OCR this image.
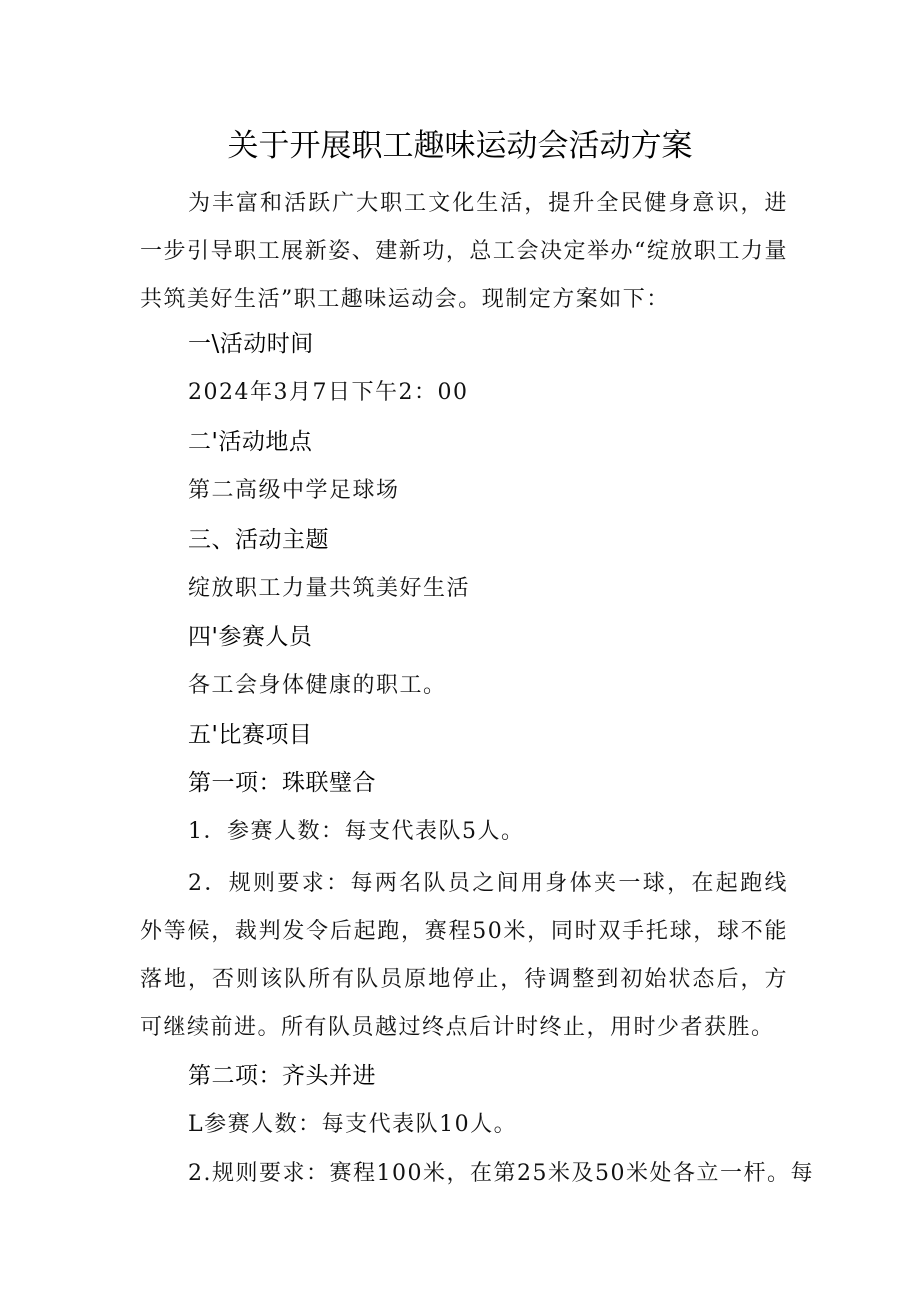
关于开展职工趣味运动会活动方案

为丰富和活跃广大职工文化生活，提升全民健身意识，进一步引导职工展新姿、建新功，总工会决定举办“绽放职工力量共筑美好生活”职工趣味运动会。现制定方案如下：

一\活动时间
2024年3月7日下午2：00
二'活动地点
第二高级中学足球场
三、活动主题
绽放职工力量共筑美好生活
四'参赛人员
各工会身体健康的职工。
五'比赛项目
第一项：珠联璧合
1．参赛人数：每支代表队5人。

2．规则要求：每两名队员之间用身体夹一球，在起跑线外等候，裁判发令后起跑，赛程50米，同时双手托球，球不能落地，否则该队所有队员原地停止，待调整到初始状态后，方可继续前进。所有队员越过终点后计时终止，用时少者获胜。

第二项：齐头并进
L参赛人数：每支代表队10人。
2.规则要求：赛程100米，在第25米及50米处各立一杆。每
